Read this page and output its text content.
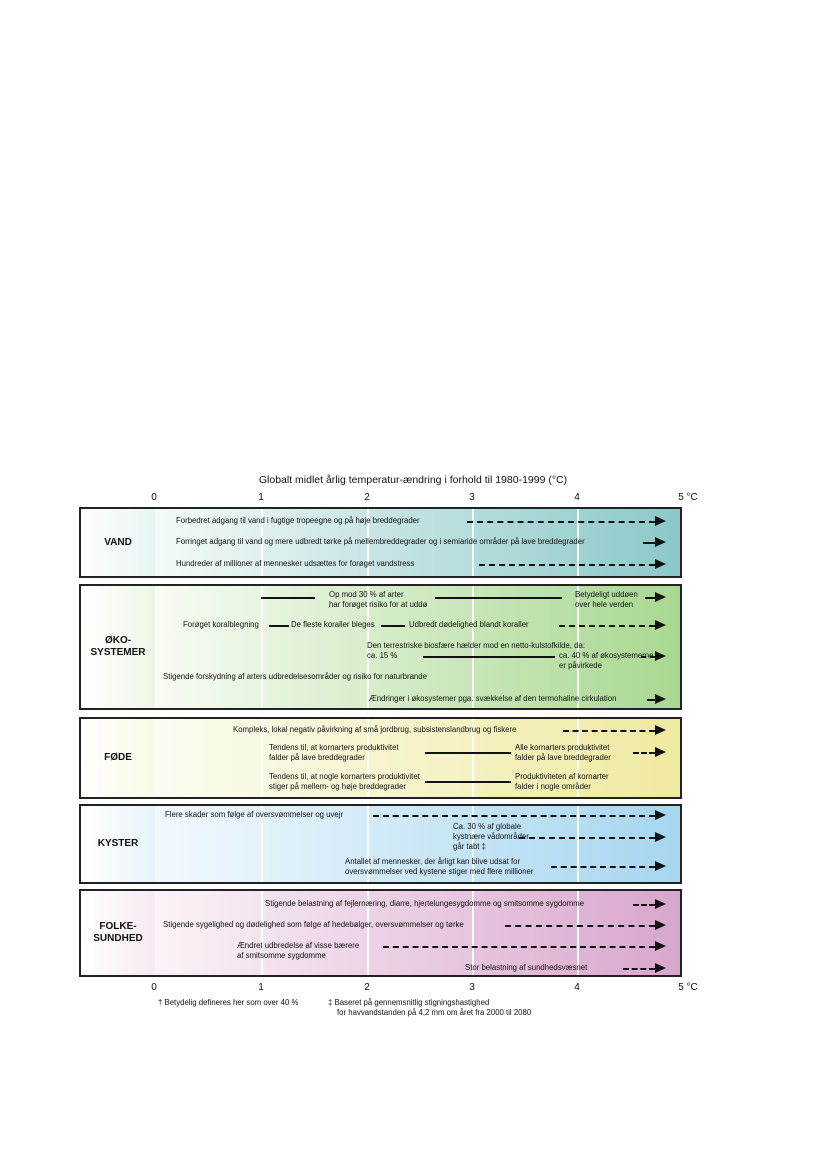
Globalt midlet årlig temperatur-ændring i forhold til 1980-1999 (°C)
0	1	2	3	4	5 °C
VAND
Forbedret adgang til vand i fugtige tropeegne og på høje breddegrader
Forringet adgang til vand og mere udbredt tørke på mellembreddegrader og i semiaride områder på lave breddegrader
Hundreder af millioner af mennesker udsættes for forøget vandstress
ØKO-
SYSTEMER
Op mod 30 % af arter
har forøget risiko for at uddø
Betydeligt uddøen
over hele verden
Forøget koralblegning	De fleste koraller bleges	Udbredt dødelighed blandt koraller
Den terrestriske biosfære hælder mod en netto-kulstofkilde, da:
ca. 15 %	ca. 40 % af økosystemerne
er påvirkede
Stigende forskydning af arters udbredelsesområder og risiko for naturbrande
Ændringer i økosystemer pga. svækkelse af den termohaline cirkulation
FØDE
Kompleks, lokal negativ påvirkning af små jordbrug, subsistenslandbrug og fiskere
Tendens til, at kornarters produktivitet
falder på lave breddegrader
Alle kornarters produktivitet
falder på lave breddegrader
Tendens til, at nogle kornarters produktivitet
stiger på mellem- og høje breddegrader
Produktiviteten af kornarter
falder i nogle områder
KYSTER
Flere skader som følge af oversvømmelser og uvejr
Ca. 30 % af globale
kystnære vådområder
går tabt ‡
Antallet af mennesker, der årligt kan blive udsat for
oversvømmelser ved kystene stiger med flere millioner
FOLKE-
SUNDHED
Stigende belastning af fejlernæring, diarre, hjertelungesygdomme og smitsomme sygdomme
Stigende sygelighed og dødelighed som følge af hedebølger, oversvømmelser og tørke
Ændret udbredelse af visse bærere
af smitsomme sygdomme
Stor belastning af sundhedsvæsnet
0	1	2	3	4	5 °C
† Betydelig defineres her som over 40 %	‡ Baseret på gennemsnitlig stigningshastighed
for havvandstanden på 4,2 mm om året fra 2000 til 2080
